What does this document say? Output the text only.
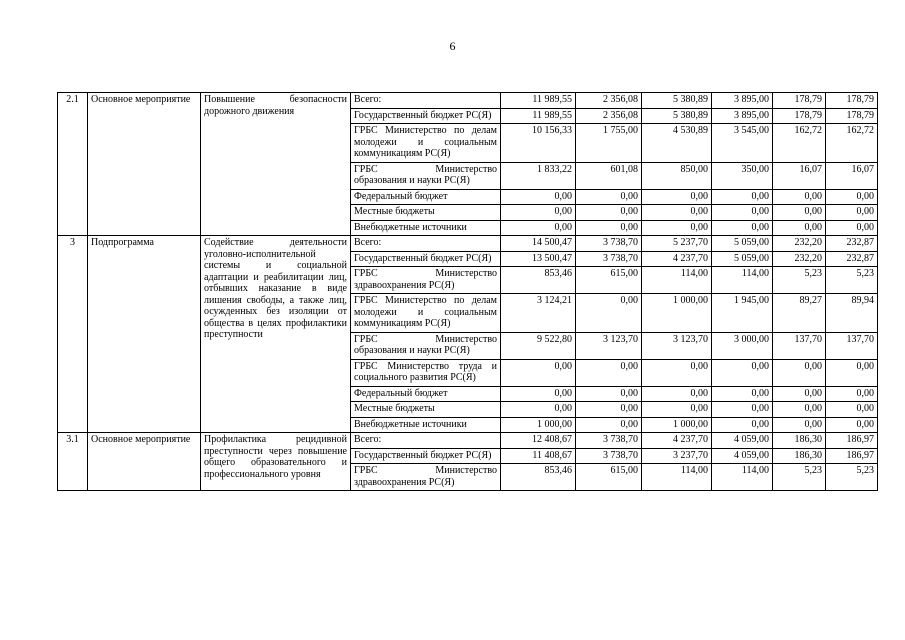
6
2.1	Основное мероприятие	Повышение безопасности дорожного движения	Всего:	11 989,55	2 356,08	5 380,89	3 895,00	178,79	178,79
			Государственный бюджет РС(Я)	11 989,55	2 356,08	5 380,89	3 895,00	178,79	178,79
			ГРБС Министерство по делам молодежи и социальным коммуникациям РС(Я)	10 156,33	1 755,00	4 530,89	3 545,00	162,72	162,72
			ГРБС Министерство образования и науки РС(Я)	1 833,22	601,08	850,00	350,00	16,07	16,07
			Федеральный бюджет	0,00	0,00	0,00	0,00	0,00	0,00
			Местные бюджеты	0,00	0,00	0,00	0,00	0,00	0,00
			Внебюджетные источники	0,00	0,00	0,00	0,00	0,00	0,00
3	Подпрограмма	Содействие деятельности уголовно-исполнительной системы и социальной адаптации и реабилитации лиц, отбывших наказание в виде лишения свободы, а также лиц, осужденных без изоляции от общества в целях профилактики преступности	Всего:	14 500,47	3 738,70	5 237,70	5 059,00	232,20	232,87
			Государственный бюджет РС(Я)	13 500,47	3 738,70	4 237,70	5 059,00	232,20	232,87
			ГРБС Министерство здравоохранения РС(Я)	853,46	615,00	114,00	114,00	5,23	5,23
			ГРБС Министерство по делам молодежи и социальным коммуникациям РС(Я)	3 124,21	0,00	1 000,00	1 945,00	89,27	89,94
			ГРБС Министерство образования и науки РС(Я)	9 522,80	3 123,70	3 123,70	3 000,00	137,70	137,70
			ГРБС Министерство труда и социального развития РС(Я)	0,00	0,00	0,00	0,00	0,00	0,00
			Федеральный бюджет	0,00	0,00	0,00	0,00	0,00	0,00
			Местные бюджеты	0,00	0,00	0,00	0,00	0,00	0,00
			Внебюджетные источники	1 000,00	0,00	1 000,00	0,00	0,00	0,00
3.1	Основное мероприятие	Профилактика рецидивной преступности через повышение общего образовательного и профессионального уровня	Всего:	12 408,67	3 738,70	4 237,70	4 059,00	186,30	186,97
			Государственный бюджет РС(Я)	11 408,67	3 738,70	3 237,70	4 059,00	186,30	186,97
			ГРБС Министерство здравоохранения РС(Я)	853,46	615,00	114,00	114,00	5,23	5,23
